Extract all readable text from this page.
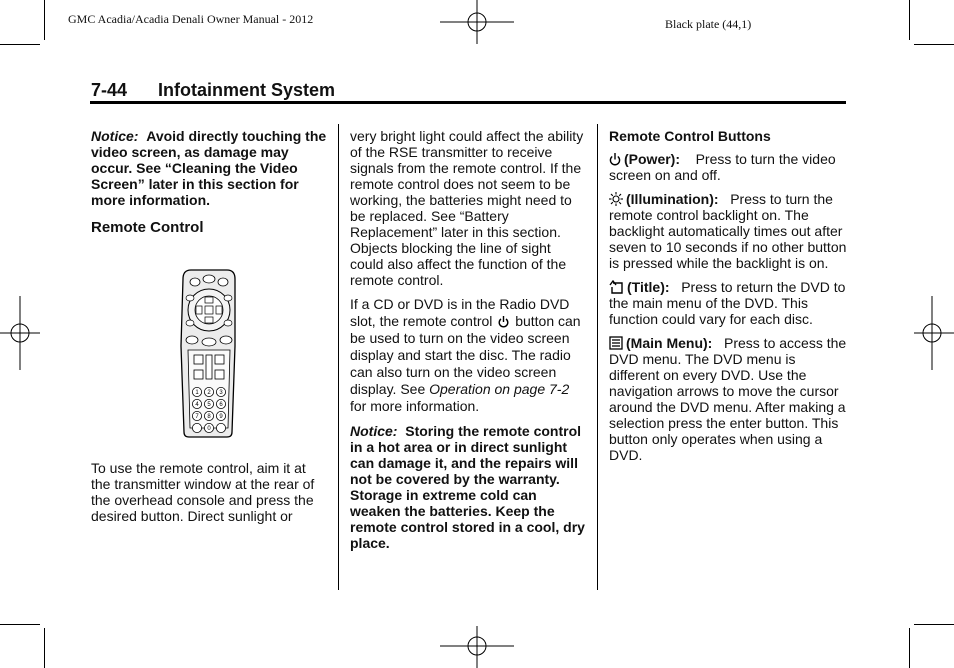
GMC Acadia/Acadia Denali Owner Manual - 2012	Black plate (44,1)
7-44 Infotainment System

Notice: Avoid directly touching the video screen, as damage may occur. See “Cleaning the Video Screen” later in this section for more information.

Remote Control
1 2 3
4 5 6
7 8 9
0

To use the remote control, aim it at the transmitter window at the rear of the overhead console and press the desired button. Direct sunlight or

very bright light could affect the ability of the RSE transmitter to receive signals from the remote control. If the remote control does not seem to be working, the batteries might need to be replaced. See “Battery Replacement” later in this section. Objects blocking the line of sight could also affect the function of the remote control.

If a CD or DVD is in the Radio DVD slot, the remote control button can be used to turn on the video screen display and start the disc. The radio can also turn on the video screen display. See Operation on page 7-2 for more information.

Notice: Storing the remote control in a hot area or in direct sunlight can damage it, and the repairs will not be covered by the warranty. Storage in extreme cold can weaken the batteries. Keep the remote control stored in a cool, dry place.

Remote Control Buttons

(Power): Press to turn the video screen on and off.

(Illumination): Press to turn the remote control backlight on. The backlight automatically times out after seven to 10 seconds if no other button is pressed while the backlight is on.

(Title): Press to return the DVD to the main menu of the DVD. This function could vary for each disc.

(Main Menu): Press to access the DVD menu. The DVD menu is different on every DVD. Use the navigation arrows to move the cursor around the DVD menu. After making a selection press the enter button. This button only operates when using a DVD.
